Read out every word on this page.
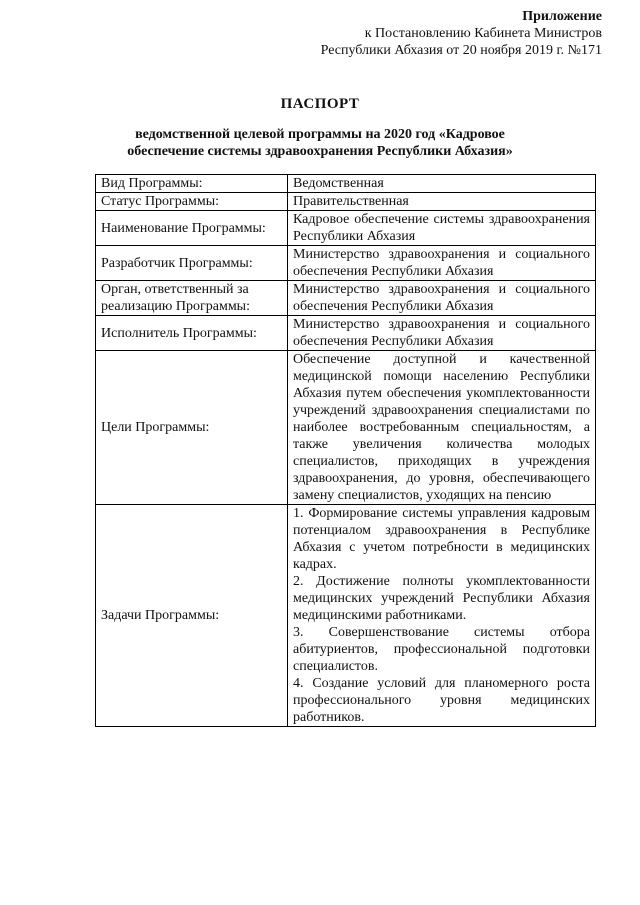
Приложение
к Постановлению Кабинета Министров
Республики Абхазия от 20 ноября 2019 г. №171
ПАСПОРТ
ведомственной целевой программы на 2020 год «Кадровое
обеспечение системы здравоохранения Республики Абхазия»
Вид Программы:	Ведомственная
Статус Программы:	Правительственная
Наименование Программы:	Кадровое обеспечение системы здравоохранения Республики Абхазия
Разработчик Программы:	Министерство здравоохранения и социального обеспечения Республики Абхазия
Орган, ответственный за реализацию Программы:	Министерство здравоохранения и социального обеспечения Республики Абхазия
Исполнитель Программы:	Министерство здравоохранения и социального обеспечения Республики Абхазия
Цели Программы:	Обеспечение доступной и качественной медицинской помощи населению Республики Абхазия путем обеспечения укомплектованности учреждений здравоохранения специалистами по наиболее востребованным специальностям, а также увеличения количества молодых специалистов, приходящих в учреждения здравоохранения, до уровня, обеспечивающего замену специалистов, уходящих на пенсию
Задачи Программы:	1. Формирование системы управления кадровым потенциалом здравоохранения в Республике Абхазия с учетом потребности в медицинских кадрах.
2. Достижение полноты укомплектованности медицинских учреждений Республики Абхазия медицинскими работниками.
3. Совершенствование системы отбора абитуриентов, профессиональной подготовки специалистов.
4. Создание условий для планомерного роста профессионального уровня медицинских работников.
